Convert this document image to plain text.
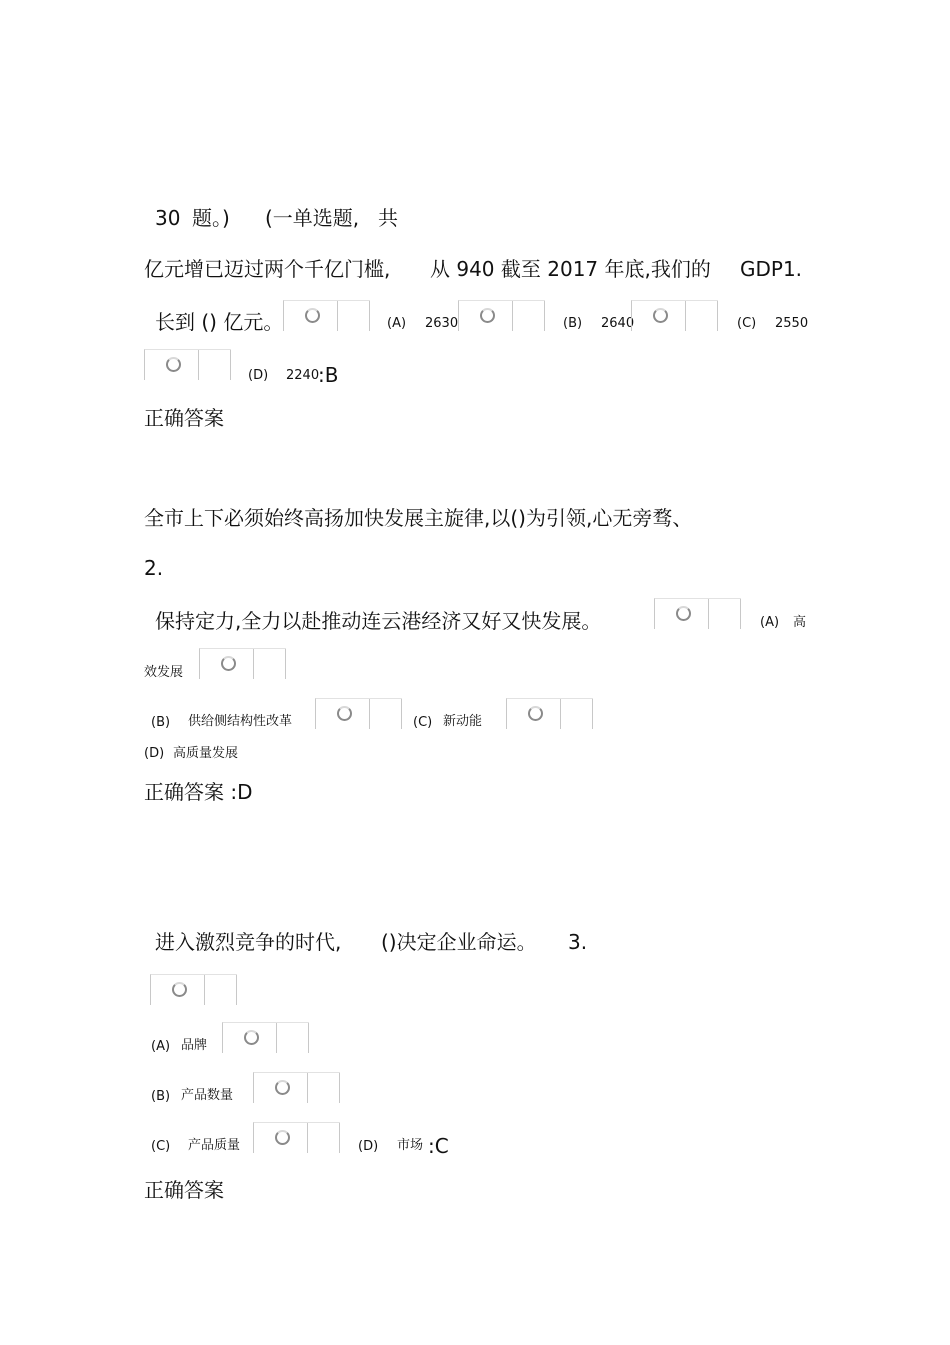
30 题。) (一单选题, 共
亿元增已迈过两个千亿门槛, 从 940 截至 2017 年底,我们的 GDP1.
长到 () 亿元。	(A) 2630	(B) 2640	(C) 2550
(D) 2240
:B
正确答案
全市上下必须始终高扬加快发展主旋律,以()为引领,心无旁骛、
2.
保持定力,全力以赴推动连云港经济又好又快发展。	(A) 高
效发展
(B) 供给侧结构性改革	(C) 新动能
(D) 高质量发展
正确答案 :D
进入激烈竞争的时代, ()决定企业命运。 3.
(A) 品牌
(B) 产品数量
(C) 产品质量	(D) 市场 :C
正确答案
